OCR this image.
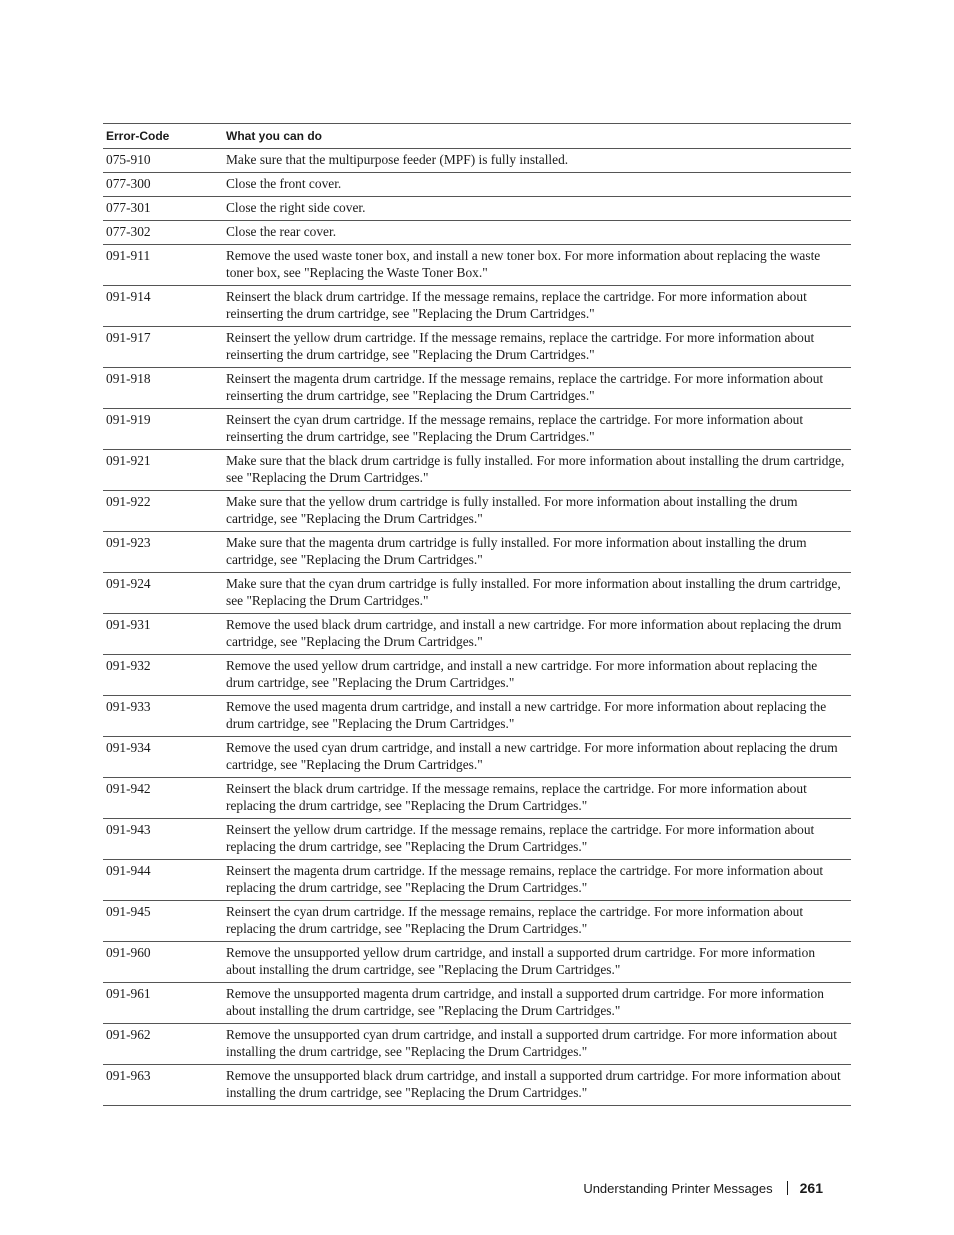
Error-Code	What you can do
075-910	Make sure that the multipurpose feeder (MPF) is fully installed.
077-300	Close the front cover.
077-301	Close the right side cover.
077-302	Close the rear cover.
091-911	Remove the used waste toner box, and install a new toner box. For more information about replacing the waste toner box, see "Replacing the Waste Toner Box."
091-914	Reinsert the black drum cartridge. If the message remains, replace the cartridge. For more information about reinserting the drum cartridge, see "Replacing the Drum Cartridges."
091-917	Reinsert the yellow drum cartridge. If the message remains, replace the cartridge. For more information about reinserting the drum cartridge, see "Replacing the Drum Cartridges."
091-918	Reinsert the magenta drum cartridge. If the message remains, replace the cartridge. For more information about reinserting the drum cartridge, see "Replacing the Drum Cartridges."
091-919	Reinsert the cyan drum cartridge. If the message remains, replace the cartridge. For more information about reinserting the drum cartridge, see "Replacing the Drum Cartridges."
091-921	Make sure that the black drum cartridge is fully installed. For more information about installing the drum cartridge, see "Replacing the Drum Cartridges."
091-922	Make sure that the yellow drum cartridge is fully installed. For more information about installing the drum cartridge, see "Replacing the Drum Cartridges."
091-923	Make sure that the magenta drum cartridge is fully installed. For more information about installing the drum cartridge, see "Replacing the Drum Cartridges."
091-924	Make sure that the cyan drum cartridge is fully installed. For more information about installing the drum cartridge, see "Replacing the Drum Cartridges."
091-931	Remove the used black drum cartridge, and install a new cartridge. For more information about replacing the drum cartridge, see "Replacing the Drum Cartridges."
091-932	Remove the used yellow drum cartridge, and install a new cartridge. For more information about replacing the drum cartridge, see "Replacing the Drum Cartridges."
091-933	Remove the used magenta drum cartridge, and install a new cartridge. For more information about replacing the drum cartridge, see "Replacing the Drum Cartridges."
091-934	Remove the used cyan drum cartridge, and install a new cartridge. For more information about replacing the drum cartridge, see "Replacing the Drum Cartridges."
091-942	Reinsert the black drum cartridge. If the message remains, replace the cartridge. For more information about replacing the drum cartridge, see "Replacing the Drum Cartridges."
091-943	Reinsert the yellow drum cartridge. If the message remains, replace the cartridge. For more information about replacing the drum cartridge, see "Replacing the Drum Cartridges."
091-944	Reinsert the magenta drum cartridge. If the message remains, replace the cartridge. For more information about replacing the drum cartridge, see "Replacing the Drum Cartridges."
091-945	Reinsert the cyan drum cartridge. If the message remains, replace the cartridge. For more information about replacing the drum cartridge, see "Replacing the Drum Cartridges."
091-960	Remove the unsupported yellow drum cartridge, and install a supported drum cartridge. For more information about installing the drum cartridge, see "Replacing the Drum Cartridges."
091-961	Remove the unsupported magenta drum cartridge, and install a supported drum cartridge. For more information about installing the drum cartridge, see "Replacing the Drum Cartridges."
091-962	Remove the unsupported cyan drum cartridge, and install a supported drum cartridge. For more information about installing the drum cartridge, see "Replacing the Drum Cartridges."
091-963	Remove the unsupported black drum cartridge, and install a supported drum cartridge. For more information about installing the drum cartridge, see "Replacing the Drum Cartridges."
Understanding Printer Messages 261
